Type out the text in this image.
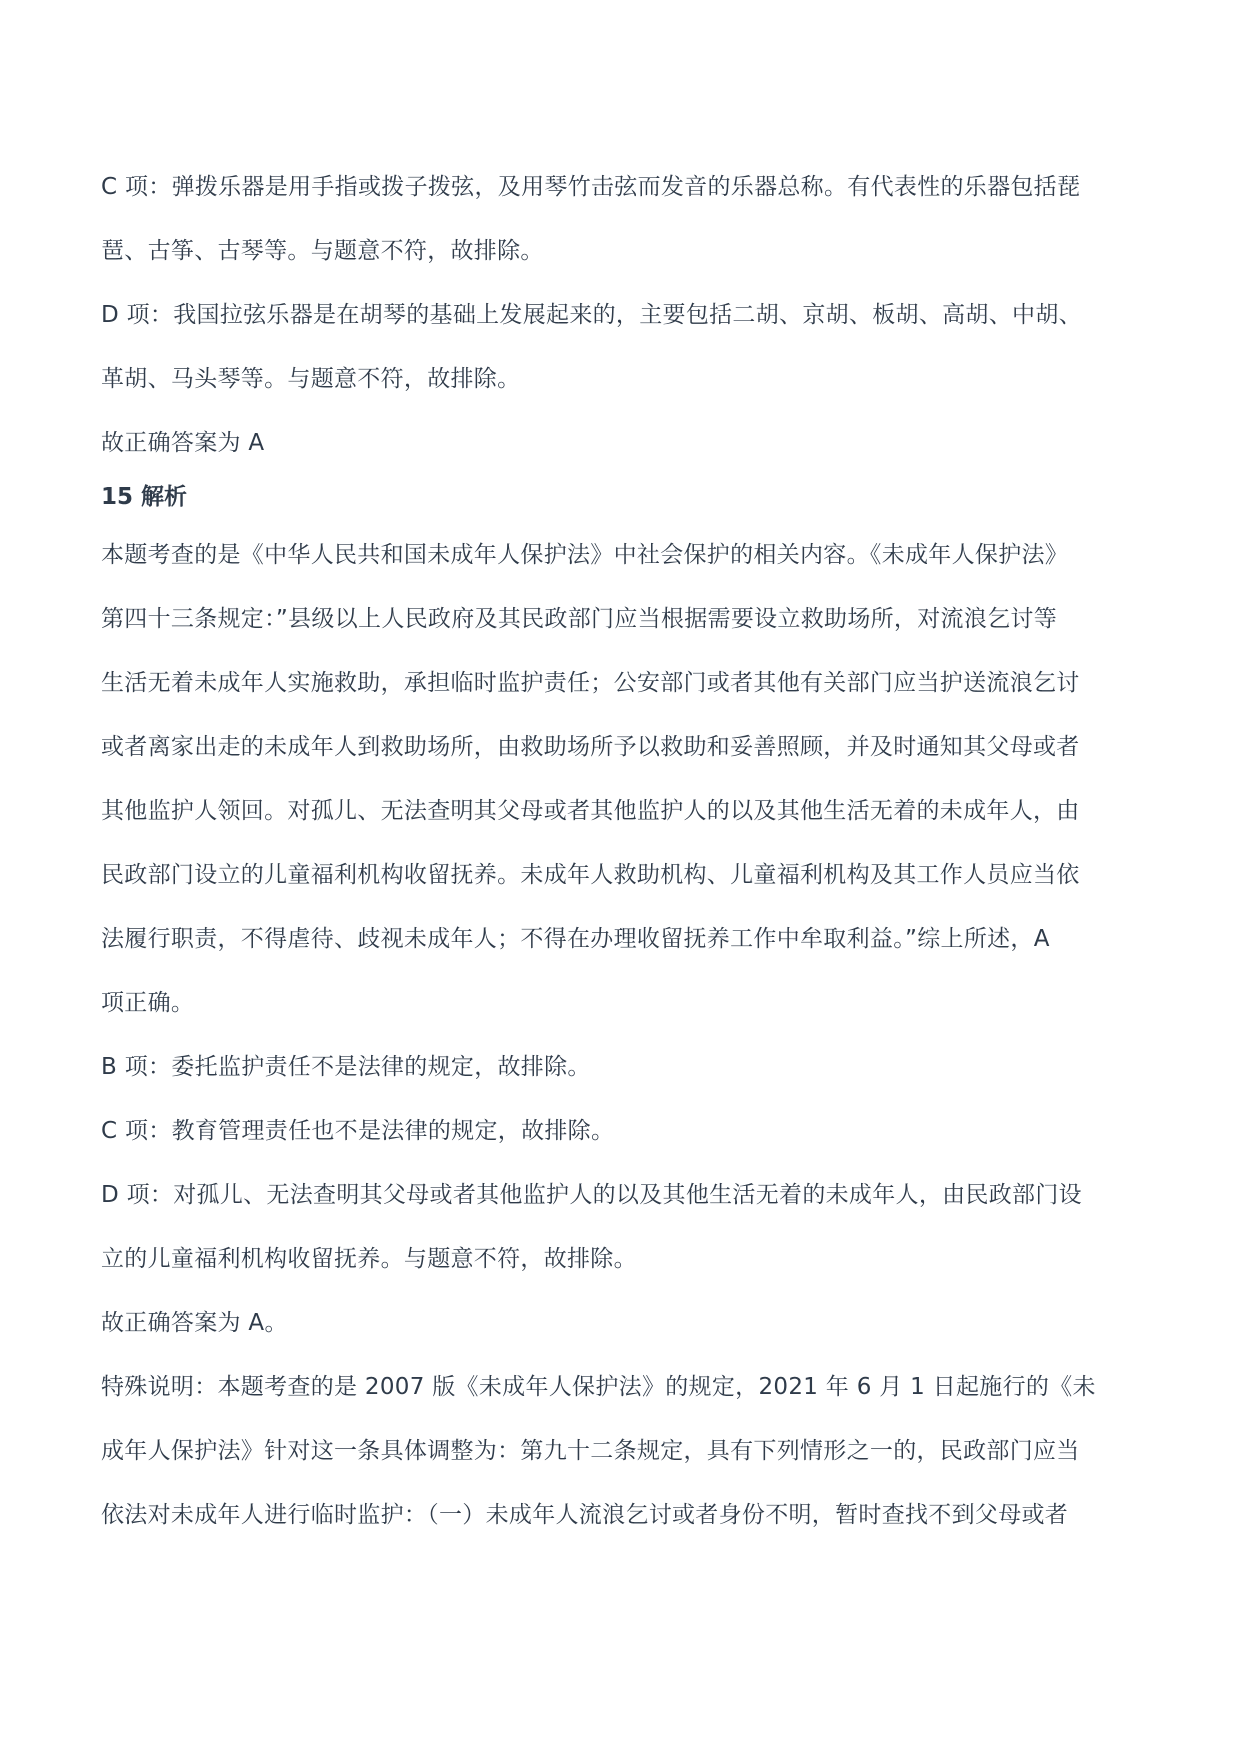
C 项：弹拨乐器是用手指或拨子拨弦，及用琴竹击弦而发音的乐器总称。有代表性的乐器包括琵
琶、古筝、古琴等。与题意不符，故排除。

D 项：我国拉弦乐器是在胡琴的基础上发展起来的，主要包括二胡、京胡、板胡、高胡、中胡、
革胡、马头琴等。与题意不符，故排除。

故正确答案为 A

15 解析

本题考查的是《中华人民共和国未成年人保护法》中社会保护的相关内容。《未成年人保护法》
第四十三条规定：”县级以上人民政府及其民政部门应当根据需要设立救助场所，对流浪乞讨等
生活无着未成年人实施救助，承担临时监护责任；公安部门或者其他有关部门应当护送流浪乞讨
或者离家出走的未成年人到救助场所，由救助场所予以救助和妥善照顾，并及时通知其父母或者
其他监护人领回。对孤儿、无法查明其父母或者其他监护人的以及其他生活无着的未成年人，由
民政部门设立的儿童福利机构收留抚养。未成年人救助机构、儿童福利机构及其工作人员应当依
法履行职责，不得虐待、歧视未成年人；不得在办理收留抚养工作中牟取利益。”综上所述，A
项正确。

B 项：委托监护责任不是法律的规定，故排除。

C 项：教育管理责任也不是法律的规定，故排除。

D 项：对孤儿、无法查明其父母或者其他监护人的以及其他生活无着的未成年人，由民政部门设
立的儿童福利机构收留抚养。与题意不符，故排除。

故正确答案为 A。

特殊说明：本题考查的是 2007 版《未成年人保护法》的规定，2021 年 6 月 1 日起施行的《未
成年人保护法》针对这一条具体调整为：第九十二条规定，具有下列情形之一的，民政部门应当
依法对未成年人进行临时监护：（一）未成年人流浪乞讨或者身份不明，暂时查找不到父母或者
